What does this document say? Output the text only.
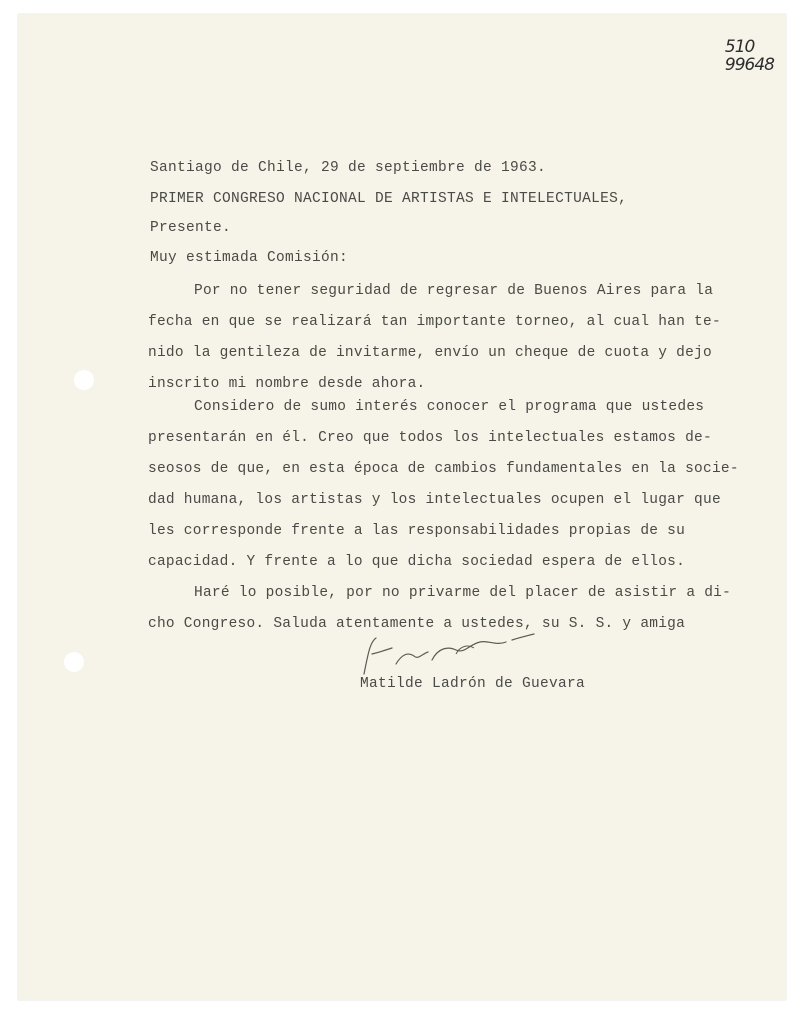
510
99648
Santiago de Chile, 29 de septiembre de 1963.
PRIMER CONGRESO NACIONAL DE ARTISTAS E INTELECTUALES,
Presente.
Muy estimada Comisión:
Por no tener seguridad de regresar de Buenos Aires para la
fecha en que se realizará tan importante torneo, al cual han te-
nido la gentileza de invitarme, envío un cheque de cuota y dejo
inscrito mi nombre desde ahora.
Considero de sumo interés conocer el programa que ustedes
presentarán en él. Creo que todos los intelectuales estamos de-
seosos de que, en esta época de cambios fundamentales en la socie-
dad humana, los artistas y los intelectuales ocupen el lugar que
les corresponde frente a las responsabilidades propias de su
capacidad. Y frente a lo que dicha sociedad espera de ellos.
Haré lo posible, por no privarme del placer de asistir a di-
cho Congreso. Saluda atentamente a ustedes, su S. S. y amiga
Matilde Ladrón de Guevara
